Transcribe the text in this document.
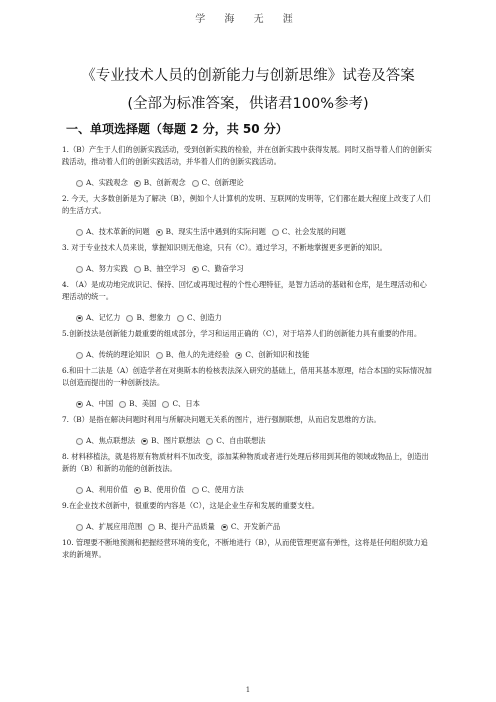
学 海 无 涯
《专业技术人员的创新能力与创新思维》试卷及答案
(全部为标准答案，供诸君100%参考)
一、单项选择题（每题 2 分，共 50 分）

1.（B）产生于人们的创新实践活动，受到创新实践的检验，并在创新实践中获得发展。同时又指导着人们的创新实践活动，推动着人们的创新实践活动，并华着人们的创新实践活动。

A、实践观念 B、创新观念 C、创新理论

2. 今天，大多数创新是为了解决（B），例如个人计算机的发明、互联网的发明等，它们都在最大程度上改变了人们的生活方式。

A、技术革新的问题 B、现实生活中遇到的实际问题 C、社会发展的问题

3. 对于专业技术人员来说，掌握知识则无他途，只有（C）。通过学习，不断地掌握更多更新的知识。

A、努力实践 B、抽空学习 C、勤奋学习

4. （A）是成功地完成识记、保持、回忆或再现过程的个性心理特征，是智力活动的基础和仓库，是生理活动和心理活动的统一。

A、记忆力 B、想象力 C、创造力

5.创新技法是创新能力最重要的组成部分，学习和运用正确的（C），对于培养人们的创新能力具有重要的作用。

A、传统的理论知识 B、他人的先进经验 C、创新知识和技能

6.和田十二法是（A）创造学者在对奥斯本的检核表法深入研究的基础上，借用其基本原理，结合本国的实际情况加以创造而提出的一种创新技法。

A、中国 B、美国 C、日本

7.（B）是指在解决问题时利用与所解决问题无关系的图片，进行强制联想，从而启发思维的方法。

A、焦点联想法 B、图片联想法 C、自由联想法

8. 材料移植法，就是将原有物质材料不加改变，添加某种物质或者进行处理后移用到其他的领域或物品上，创造出新的（B）和新的功能的创新技法。

A、利用价值 B、使用价值 C、使用方法

9.在企业技术创新中，很重要的内容是（C），这是企业生存和发展的重要支柱。

A、扩展应用范围 B、提升产品质量 C、开发新产品

10. 管理要不断地预测和把握经营环境的变化，不断地进行（B），从而使管理更富有弹性，这将是任何组织致力追求的新境界。

1
